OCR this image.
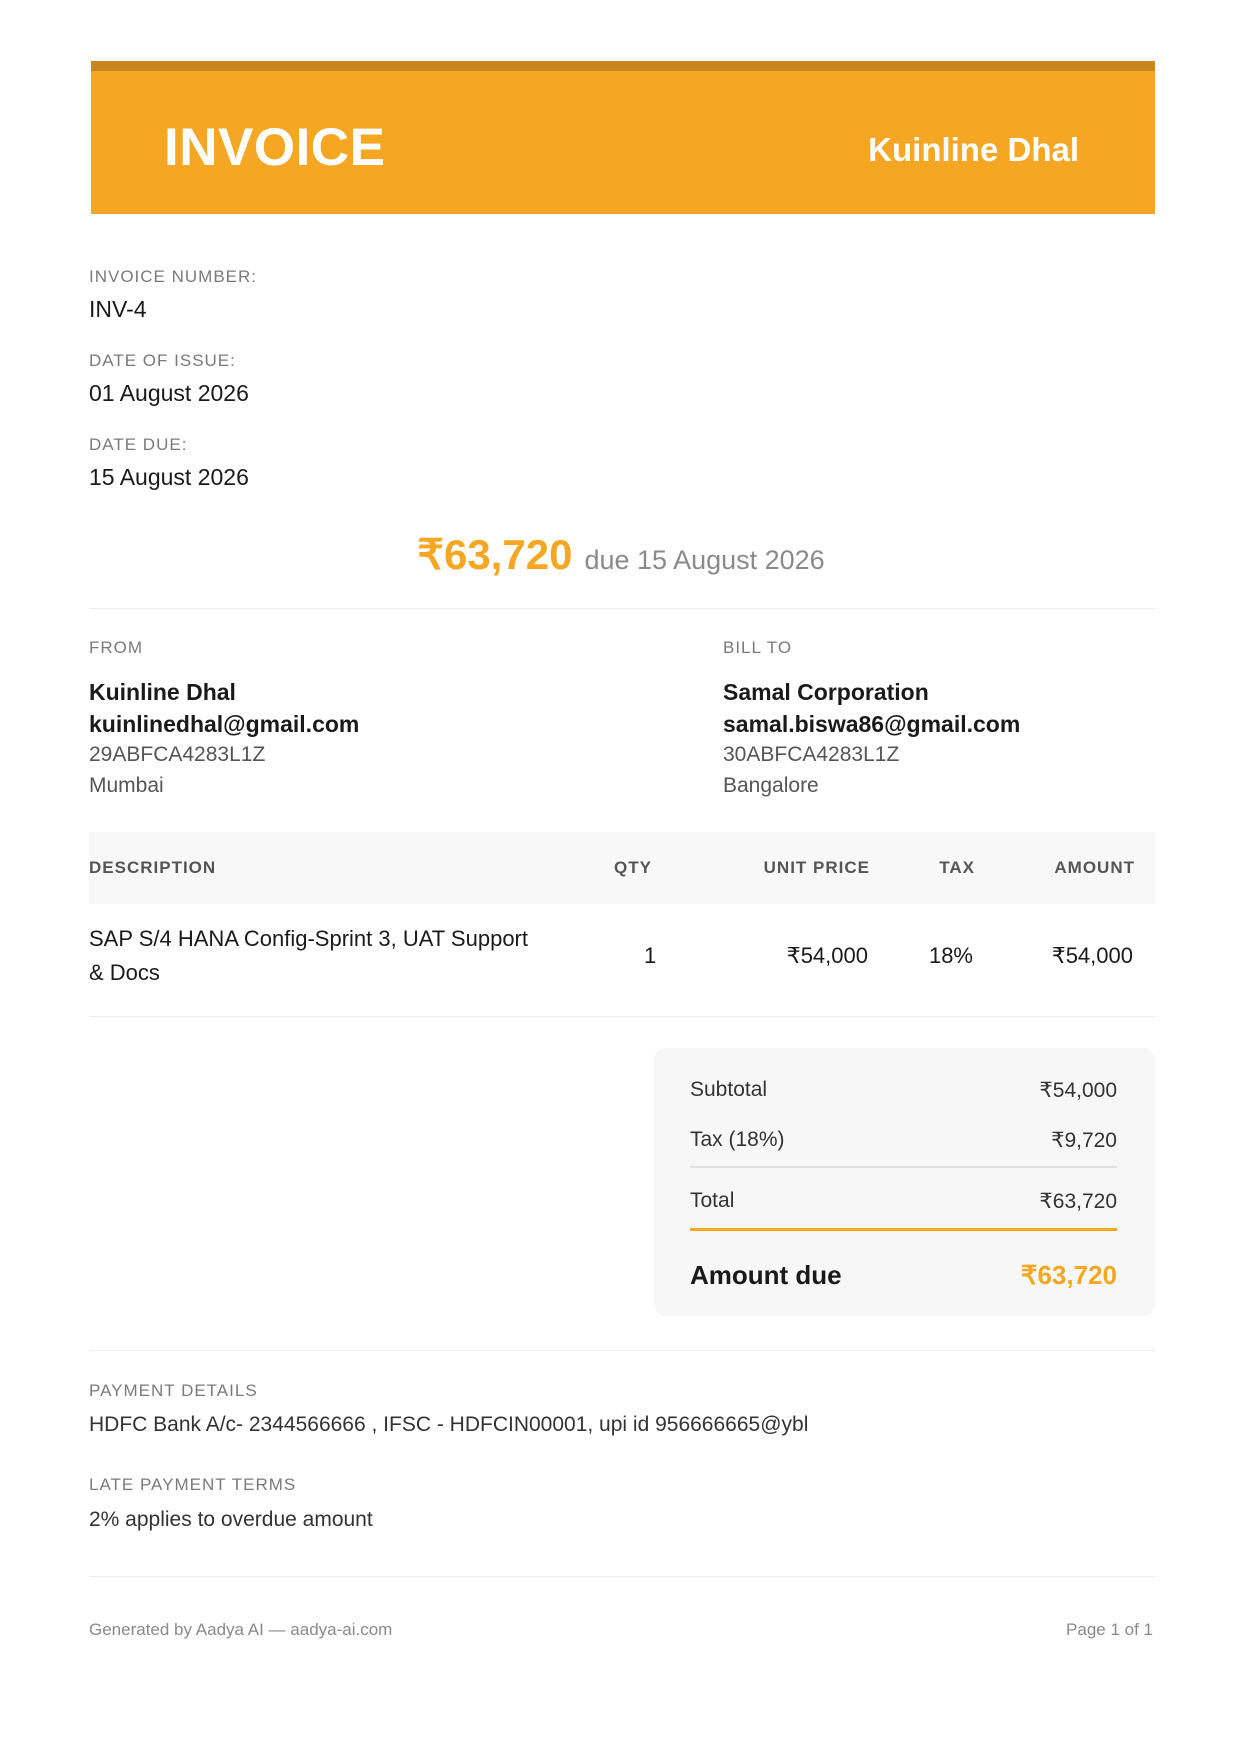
INVOICE	Kuinline Dhal
INVOICE NUMBER:
INV-4
DATE OF ISSUE:
01 August 2026
DATE DUE:
15 August 2026
₹63,720 due 15 August 2026
FROM
Kuinline Dhal
kuinlinedhal@gmail.com
29ABFCA4283L1Z
Mumbai
BILL TO
Samal Corporation
samal.biswa86@gmail.com
30ABFCA4283L1Z
Bangalore
DESCRIPTION	QTY	UNIT PRICE	TAX	AMOUNT
SAP S/4 HANA Config-Sprint 3, UAT Support
& Docs
1	₹54,000	18%	₹54,000
Subtotal	₹54,000
Tax (18%)	₹9,720
Total	₹63,720
Amount due	₹63,720
PAYMENT DETAILS
HDFC Bank A/c- 2344566666 , IFSC - HDFCIN00001, upi id 956666665@ybl
LATE PAYMENT TERMS
2% applies to overdue amount
Generated by Aadya AI — aadya-ai.com	Page 1 of 1
